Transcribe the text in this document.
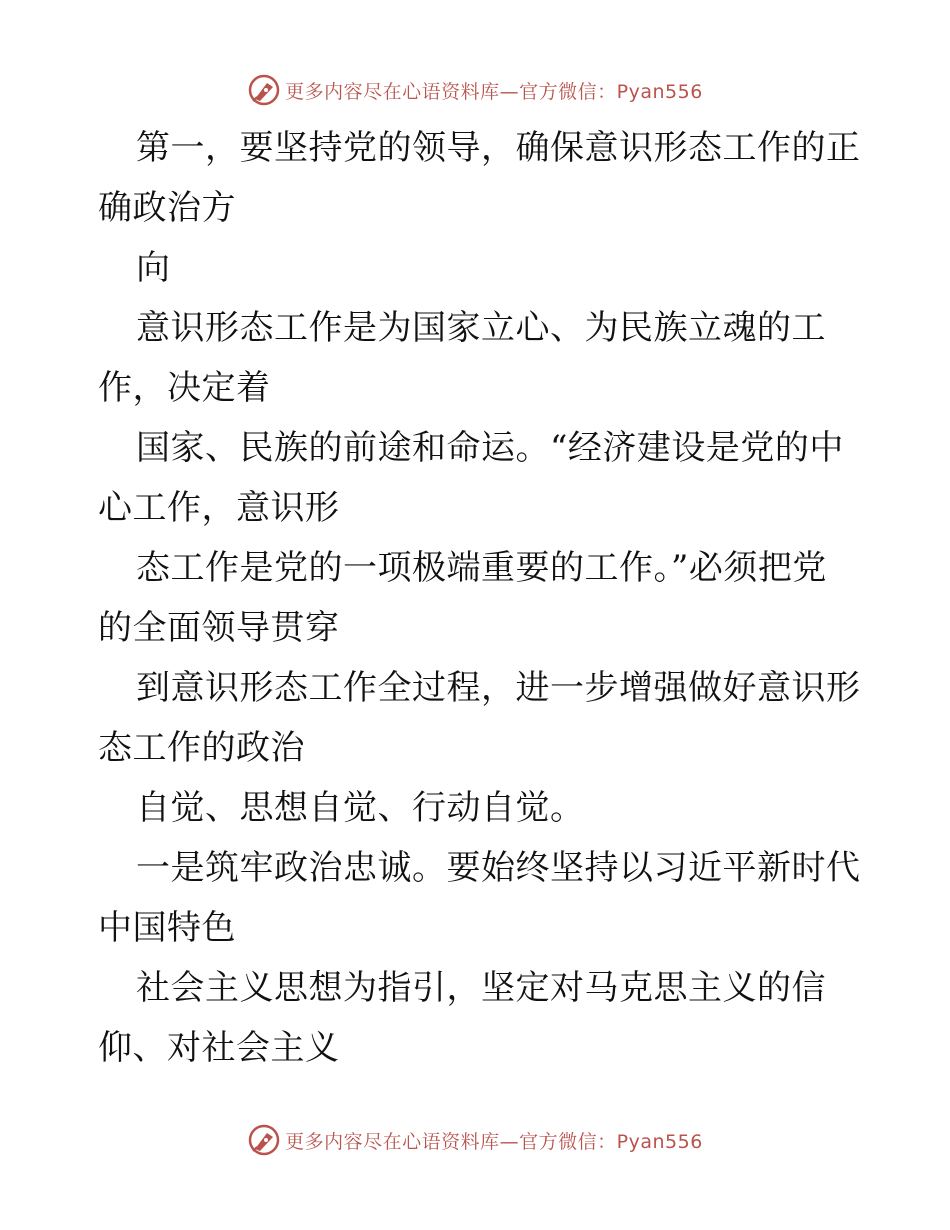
更多内容尽在心语资料库—官方微信：Pyan556
第一，要坚持党的领导，确保意识形态工作的正
确政治方
向
意识形态工作是为国家立心、为民族立魂的工
作，决定着
国家、民族的前途和命运。“经济建设是党的中
心工作，意识形
态工作是党的一项极端重要的工作。”必须把党
的全面领导贯穿
到意识形态工作全过程，进一步增强做好意识形
态工作的政治
自觉、思想自觉、行动自觉。
一是筑牢政治忠诚。要始终坚持以习近平新时代
中国特色
社会主义思想为指引，坚定对马克思主义的信
仰、对社会主义
更多内容尽在心语资料库—官方微信：Pyan556
